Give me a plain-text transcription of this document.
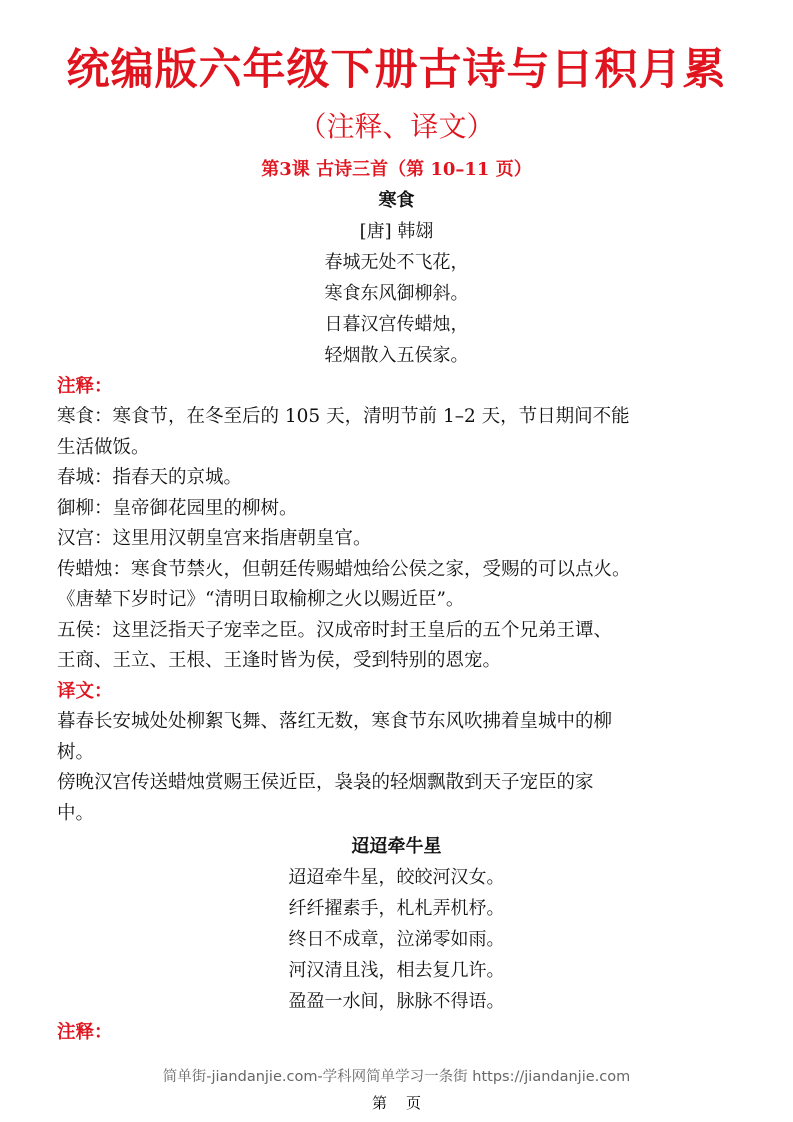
统编版六年级下册古诗与日积月累
（注释、译文）
第3课 古诗三首（第 10–11 页）
寒食
[唐] 韩翃
春城无处不飞花，
寒食东风御柳斜。
日暮汉宫传蜡烛，
轻烟散入五侯家。
注释：
寒食：寒食节，在冬至后的 105 天，清明节前 1–2 天，节日期间不能
生活做饭。
春城：指春天的京城。
御柳：皇帝御花园里的柳树。
汉宫：这里用汉朝皇宫来指唐朝皇官。
传蜡烛：寒食节禁火，但朝廷传赐蜡烛给公侯之家，受赐的可以点火。
《唐辇下岁时记》“清明日取榆柳之火以赐近臣”。
五侯：这里泛指天子宠幸之臣。汉成帝时封王皇后的五个兄弟王谭、
王商、王立、王根、王逢时皆为侯，受到特别的恩宠。
译文：
暮春长安城处处柳絮飞舞、落红无数，寒食节东风吹拂着皇城中的柳
树。
傍晚汉宫传送蜡烛赏赐王侯近臣，袅袅的轻烟飘散到天子宠臣的家
中。
迢迢牵牛星
迢迢牵牛星，皎皎河汉女。
纤纤擢素手，札札弄机杼。
终日不成章，泣涕零如雨。
河汉清且浅，相去复几许。
盈盈一水间，脉脉不得语。
注释：
简单街-jiandanjie.com-学科网简单学习一条街 https://jiandanjie.com
第    页
